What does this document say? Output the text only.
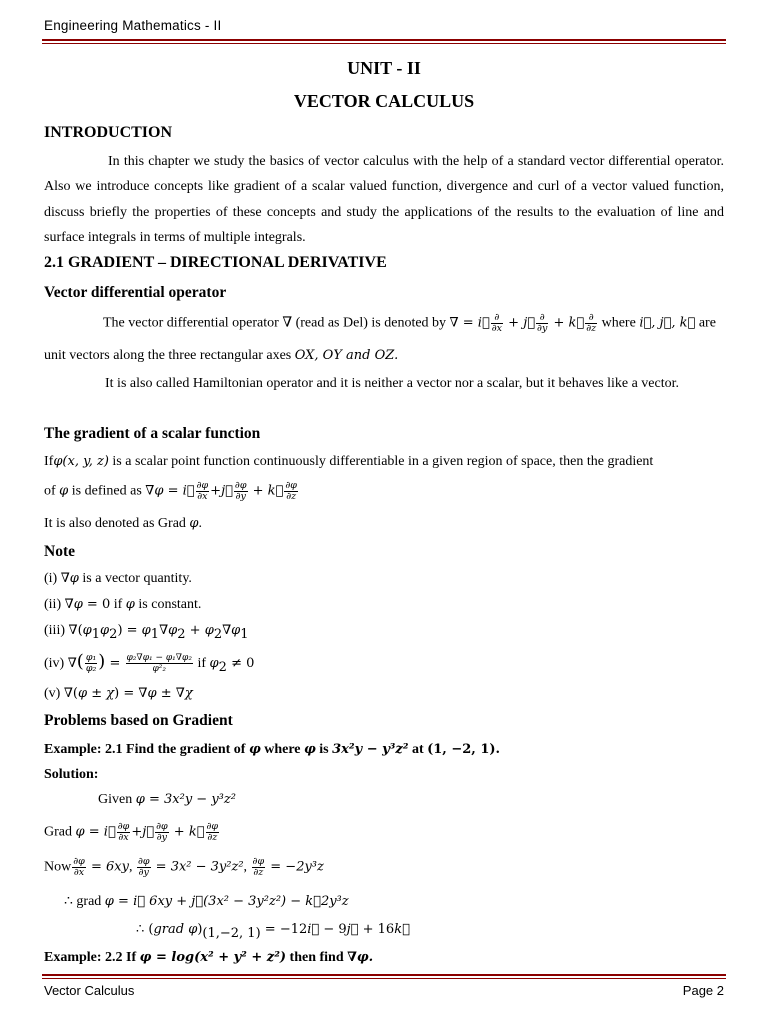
Engineering Mathematics - II
UNIT - II
VECTOR CALCULUS
INTRODUCTION
In this chapter we study the basics of vector calculus with the help of a standard vector differential operator. Also we introduce concepts like gradient of a scalar valued function, divergence and curl of a vector valued function, discuss briefly the properties of these concepts and study the applications of the results to the evaluation of line and surface integrals in terms of multiple integrals.
2.1 GRADIENT – DIRECTIONAL DERIVATIVE
Vector differential operator
The vector differential operator ∇ (read as Del) is denoted by ∇ = i⃗ $\frac{\partial}{\partial x}$ + j⃗ $\frac{\partial}{\partial y}$ + k⃗ $\frac{\partial}{\partial z}$ where i⃗, j⃗, k⃗ are
unit vectors along the three rectangular axes OX, OY and OZ.
It is also called Hamiltonian operator and it is neither a vector nor a scalar, but it behaves like a vector.
The gradient of a scalar function
Ifφ(x, y, z) is a scalar point function continuously differentiable in a given region of space, then the gradient
of φ is defined as ∇φ = i⃗ $\frac{\partial\varphi}{\partial x}$ +j⃗ $\frac{\partial\varphi}{\partial y}$ + k⃗ $\frac{\partial\varphi}{\partial z}$
It is also denoted as Grad φ.
Note
(i) ∇φ is a vector quantity.
(ii) ∇φ = 0 if φ is constant.
(iii) $\nabla(\varphi_1\varphi_2) = \varphi_1\nabla\varphi_2 + \varphi_2\nabla\varphi_1$
(iv) ∇( $\frac{\text{φ₁}}{\text{φ₂}}$ ) = $\frac{\text{φ₂∇φ₁ − φ₁∇φ₂}}{\text{φ²₂}}$ if $\varphi_2 \ne 0$
(v) ∇(φ ± χ) = ∇φ ± ∇χ
Problems based on Gradient
Example: 2.1 Find the gradient of φ where φ is 3x²y − y³z² at (1, −2, 1).
Solution:
Given φ = 3x²y − y³z²
Grad φ = i⃗ $\frac{\partial\varphi}{\partial x}$ +j⃗ $\frac{\partial\varphi}{\partial y}$ + k⃗ $\frac{\partial\varphi}{\partial z}$
Now $\frac{\partial\varphi}{\partial x} = 6xy$, $\frac{\partial\varphi}{\partial y} = 3x^2 - 3y^2z^2$, $\frac{\partial\varphi}{\partial z} = -2y^3z$
∴ grad φ = i⃗ 6xy + j⃗(3x² − 3y²z²) − k⃗2y³z
∴ (grad $\varphi)_{(1,-2, 1)}$ = −12i⃗ − 9j⃗ + 16k⃗
Example: 2.2 If φ = log(x² + y² + z²) then find ∇φ.
Vector Calculus	Page 2
